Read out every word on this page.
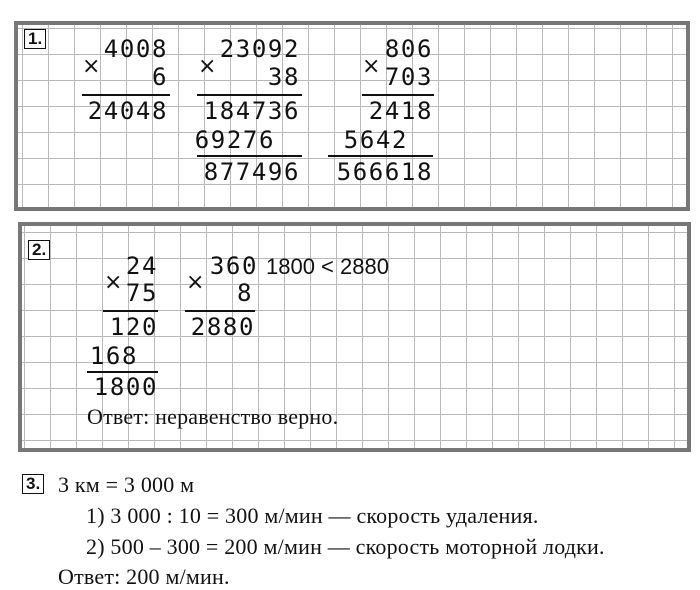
1.	4008
×	6
24048
23092
×	38
184736
69276
877496
806
× 703
2418
5642
566618
2.
24
× 75
120
168
1800
360
×	8
2880
1800 < 2880
Ответ: неравенство верно.
3. 3 км = 3 000 м
1) 3 000 : 10 = 300 м/мин — скорость удаления.
2) 500 – 300 = 200 м/мин — скорость моторной лодки.
Ответ: 200 м/мин.
